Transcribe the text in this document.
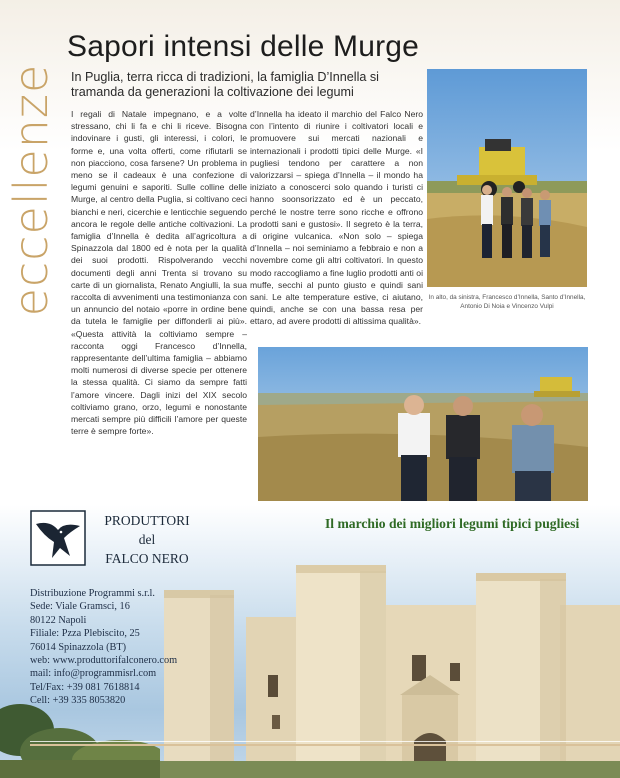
eccellenze
Sapori intensi delle Murge
In Puglia, terra ricca di tradizioni, la famiglia D’Innella si tramanda da generazioni la coltivazione dei legumi
I regali di Natale impegnano, e a volte stressano, chi li fa e chi li riceve. Bisogna indovinare i gusti, gli interessi, i colori, le forme e, una volta offerti, come rifiutarli se non piacciono, cosa farsene? Un problema in meno se il cadeaux è una confezione di legumi genuini e saporiti. Sulle colline delle Murge, al centro della Puglia, si coltivano ceci bianchi e neri, cicerchie e lenticchie seguendo ancora le regole delle antiche coltivazioni. La famiglia d’Innella è dedita all’agricoltura a Spinazzola dal 1800 ed è nota per la qualità dei suoi prodotti. Rispolverando vecchi documenti degli anni Trenta si trovano su carte di un giornalista, Renato Angiulli, la sua raccolta di avvenimenti una testimonianza con un annuncio del notaio «porre in ordine bene da tutela le famiglie per diffonderli ai più». «Questa attività la coltiviamo sempre – racconta oggi Francesco d’Innella, rappresentante dell’ultima famiglia – abbiamo molti numerosi di diverse specie per ottenere la stessa qualità. Ci siamo da sempre fatti l’amore vincere. Dagli inizi del XIX secolo coltiviamo grano, orzo, legumi e nonostante mercati sempre più difficili l’amore per queste terre è sempre forte».
d’Innella ha ideato il marchio del Falco Nero con l’intento di riunire i coltivatori locali e promuovere sui mercati nazionali e internazionali i prodotti tipici delle Murge. «I pugliesi tendono per carattere a non valorizzarsi – spiega d’Innella – il mondo ha iniziato a conoscerci solo quando i turisti ci hanno soonsorizzato ed è un peccato, perché le nostre terre sono ricche e offrono prodotti sani e gustosi». Il segreto è la terra, di origine vulcanica. «Non solo – spiega d’Innella – noi seminiamo a febbraio e non a novembre come gli altri coltivatori. In questo modo raccogliamo a fine luglio prodotti anti oi muffe, secchi al punto giusto e quindi sani sani. Le alte temperature estive, ci aiutano, quindi, anche se con una bassa resa per ettaro, ad avere prodotti di altissima qualità».
In alto, da sinistra, Francesco d’Innella, Santo d’Innella, Antonio Di Noia e Vincenzo Vulpi
PRODUTTORI
del
FALCO NERO
Il marchio dei migliori legumi tipici pugliesi
Distribuzione Programmi s.r.l.
Sede: Viale Gramsci, 16
80122 Napoli
Filiale: Pzza Plebiscito, 25
76014 Spinazzola (BT)
web: www.produttorifalconero.com
mail: info@programmisrl.com
Tel/Fax: +39 081 7618814
Cell: +39 335 8053820
